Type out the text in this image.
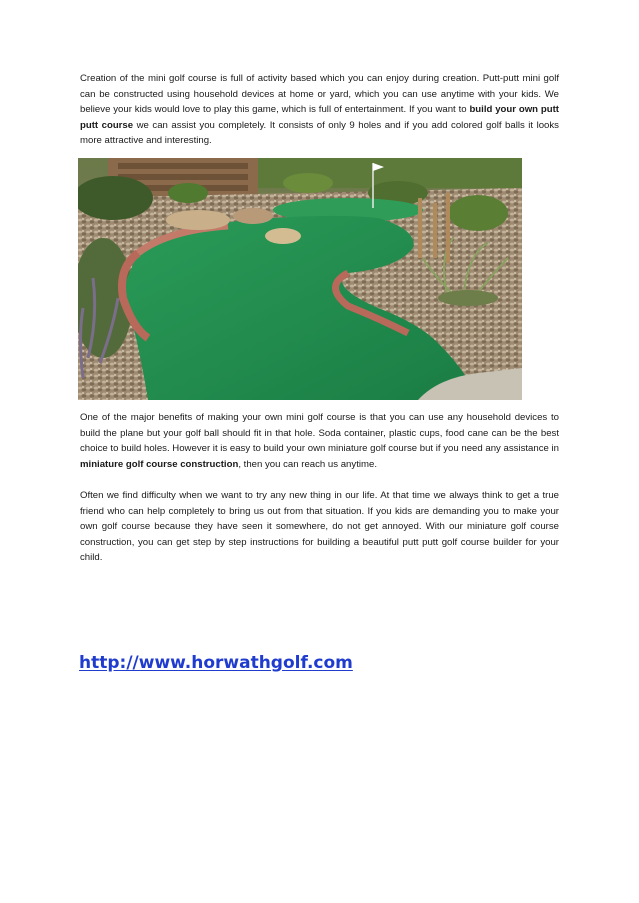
Creation of the mini golf course is full of activity based which you can enjoy during creation. Putt-putt mini golf can be constructed using household devices at home or yard, which you can use anytime with your kids. We believe your kids would love to play this game, which is full of entertainment. If you want to build your own putt putt course we can assist you completely. It consists of only 9 holes and if you add colored golf balls it looks more attractive and interesting.

One of the major benefits of making your own mini golf course is that you can use any household devices to build the plane but your golf ball should fit in that hole. Soda container, plastic cups, food cane can be the best choice to build holes. However it is easy to build your own miniature golf course but if you need any assistance in miniature golf course construction, then you can reach us anytime.

Often we find difficulty when we want to try any new thing in our life. At that time we always think to get a true friend who can help completely to bring us out from that situation. If you kids are demanding you to make your own golf course because they have seen it somewhere, do not get annoyed. With our miniature golf course construction, you can get step by step instructions for building a beautiful putt putt golf course builder for your child.

http://www.horwathgolf.com
